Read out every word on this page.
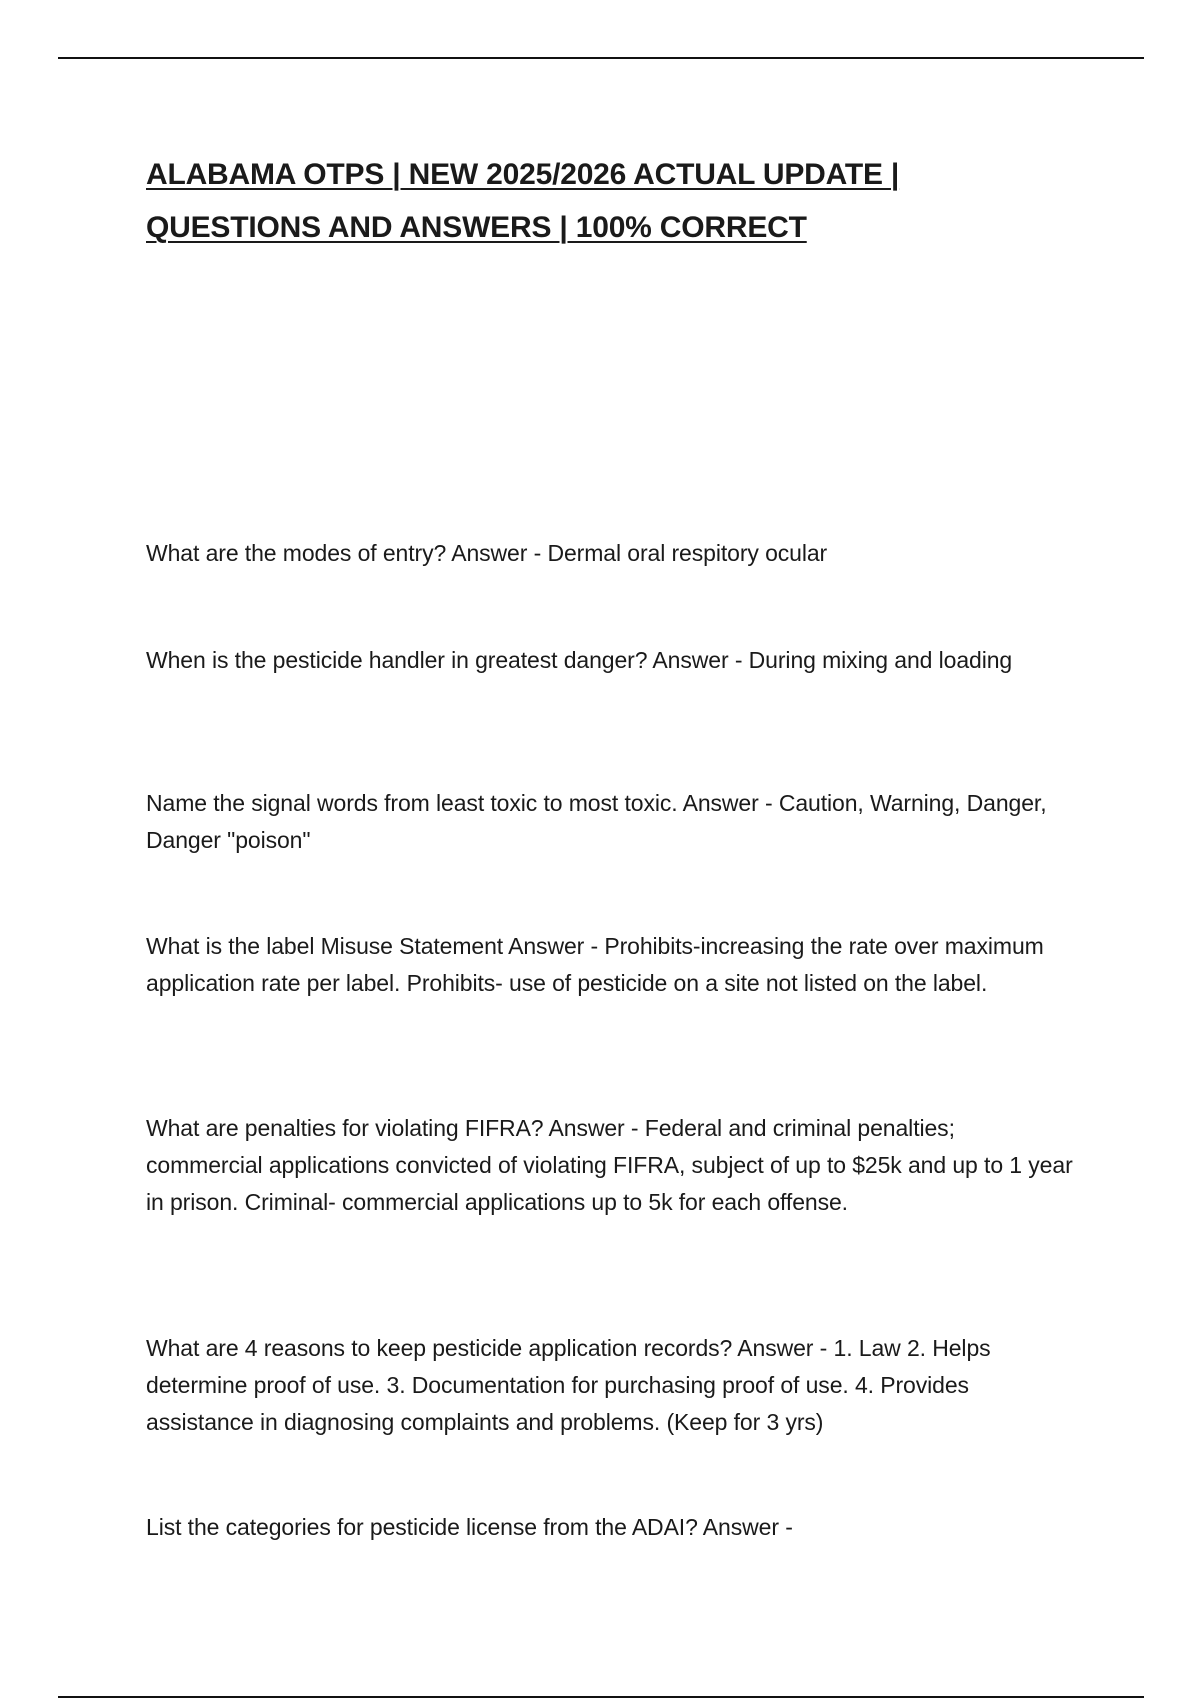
ALABAMA OTPS | NEW 2025/2026 ACTUAL UPDATE |
QUESTIONS AND ANSWERS | 100% CORRECT

What are the modes of entry? Answer - Dermal oral respitory ocular

When is the pesticide handler in greatest danger? Answer - During mixing and loading

Name the signal words from least toxic to most toxic. Answer - Caution, Warning, Danger, Danger "poison"

What is the label Misuse Statement Answer - Prohibits-increasing the rate over maximum application rate per label. Prohibits- use of pesticide on a site not listed on the label.

What are penalties for violating FIFRA? Answer - Federal and criminal penalties; commercial applications convicted of violating FIFRA, subject of up to $25k and up to 1 year in prison. Criminal- commercial applications up to 5k for each offense.

What are 4 reasons to keep pesticide application records? Answer - 1. Law 2. Helps determine proof of use. 3. Documentation for purchasing proof of use. 4. Provides assistance in diagnosing complaints and problems. (Keep for 3 yrs)

List the categories for pesticide license from the ADAI? Answer -
